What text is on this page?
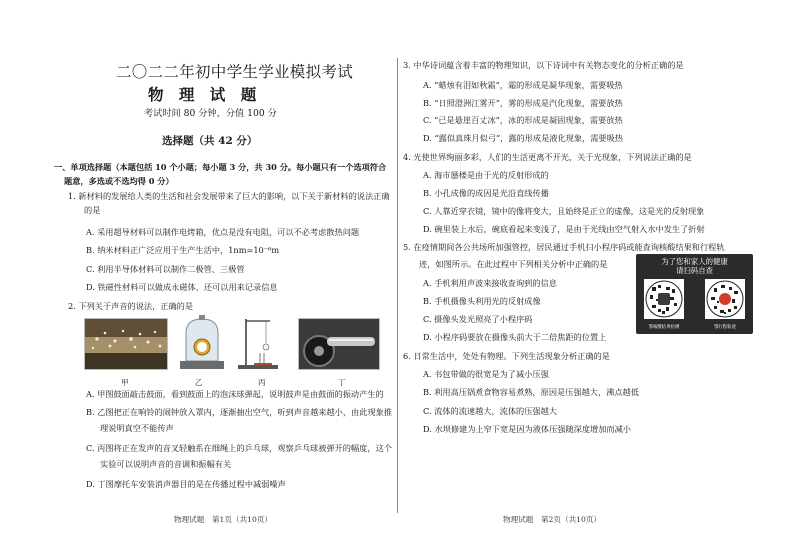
二〇二二年初中学生学业模拟考试
物 理 试 题
考试时间 80 分钟，分值 100 分
选择题（共 42 分）
一、单项选择题（本题包括 10 个小题；每小题 3 分，共 30 分。每小题只有一个选项符合
题意，多选或不选均得 0 分）
1. 新材料的发展给人类的生活和社会发展带来了巨大的影响，以下关于新材料的说法正确
的是
A. 采用超导材料可以制作电烤箱，优点是没有电阻，可以不必考虑散热问题
B. 纳米材料正广泛应用于生产生活中，1nm=10⁻⁶m
C. 利用半导体材料可以制作二极管、三极管
D. 铁磁性材料可以做成永磁体，还可以用来记录信息
2. 下列关于声音的说法，正确的是
甲	乙	丙	丁
A. 甲图鼓面敲击鼓面，看到鼓面上的泡沫球弹起，说明鼓声是由鼓面的振动产生的
B. 乙图把正在响铃的闹钟放入罩内，逐渐抽出空气，听到声音越来越小，由此现象推
理说明真空不能传声
C. 丙图将正在发声的音叉轻触系在细绳上的乒乓球，观察乒乓球被弹开的幅度，这个
实验可以说明声音的音调和振幅有关
D. 丁图摩托车安装消声器目的是在传播过程中减弱噪声
物理试题　第1页（共10页）
3. 中华诗词蕴含着丰富的物理知识，以下诗词中有关物态变化的分析正确的是
A. “蜡烛有泪如秋霜”，霜的形成是凝华现象，需要吸热
B. “日照澄洲江雾开”，雾的形成是汽化现象，需要放热
C. “已是悬崖百丈冰”，冰的形成是凝固现象，需要放热
D. “露似真珠月似弓”，露的形成是液化现象，需要吸热
4. 光使世界绚丽多彩，人们的生活更离不开光，关于光现象，下列说法正确的是
A. 海市蜃楼是由于光的反射形成的
B. 小孔成像的成因是光沿直线传播
C. 人靠近穿衣镜，镜中的像将变大，且始终是正立的虚像，这是光的反射现象
D. 碗里装上水后，碗底看起来变浅了，是由于光线由空气射入水中发生了折射
5. 在疫情期间各公共场所加强管控，居民通过手机扫小程序码或能查询核酸结果和行程轨
迹，如图所示。在此过程中下列相关分析中正确的是
A. 手机利用声波来接收查询到的信息
B. 手机摄像头利用光的反射成像
C. 摄像头发光照亮了小程序码
D. 小程序码要放在摄像头前大于二倍焦距的位置上
6. 日常生活中，处处有物理。下列生活现象分析正确的是
A. 书包带做的很宽是为了减小压强
B. 利用高压锅煮食物容易煮熟，原因是压强越大，沸点越低
C. 流体的流速越大，流体的压强越大
D. 水坝修建为上窄下宽是因为液体压强随深度增加而减小
物理试题　第2页（共10页）
为了您和家人的健康
请扫码自查
鄂核酸结果检测	鄂行程轨迹
